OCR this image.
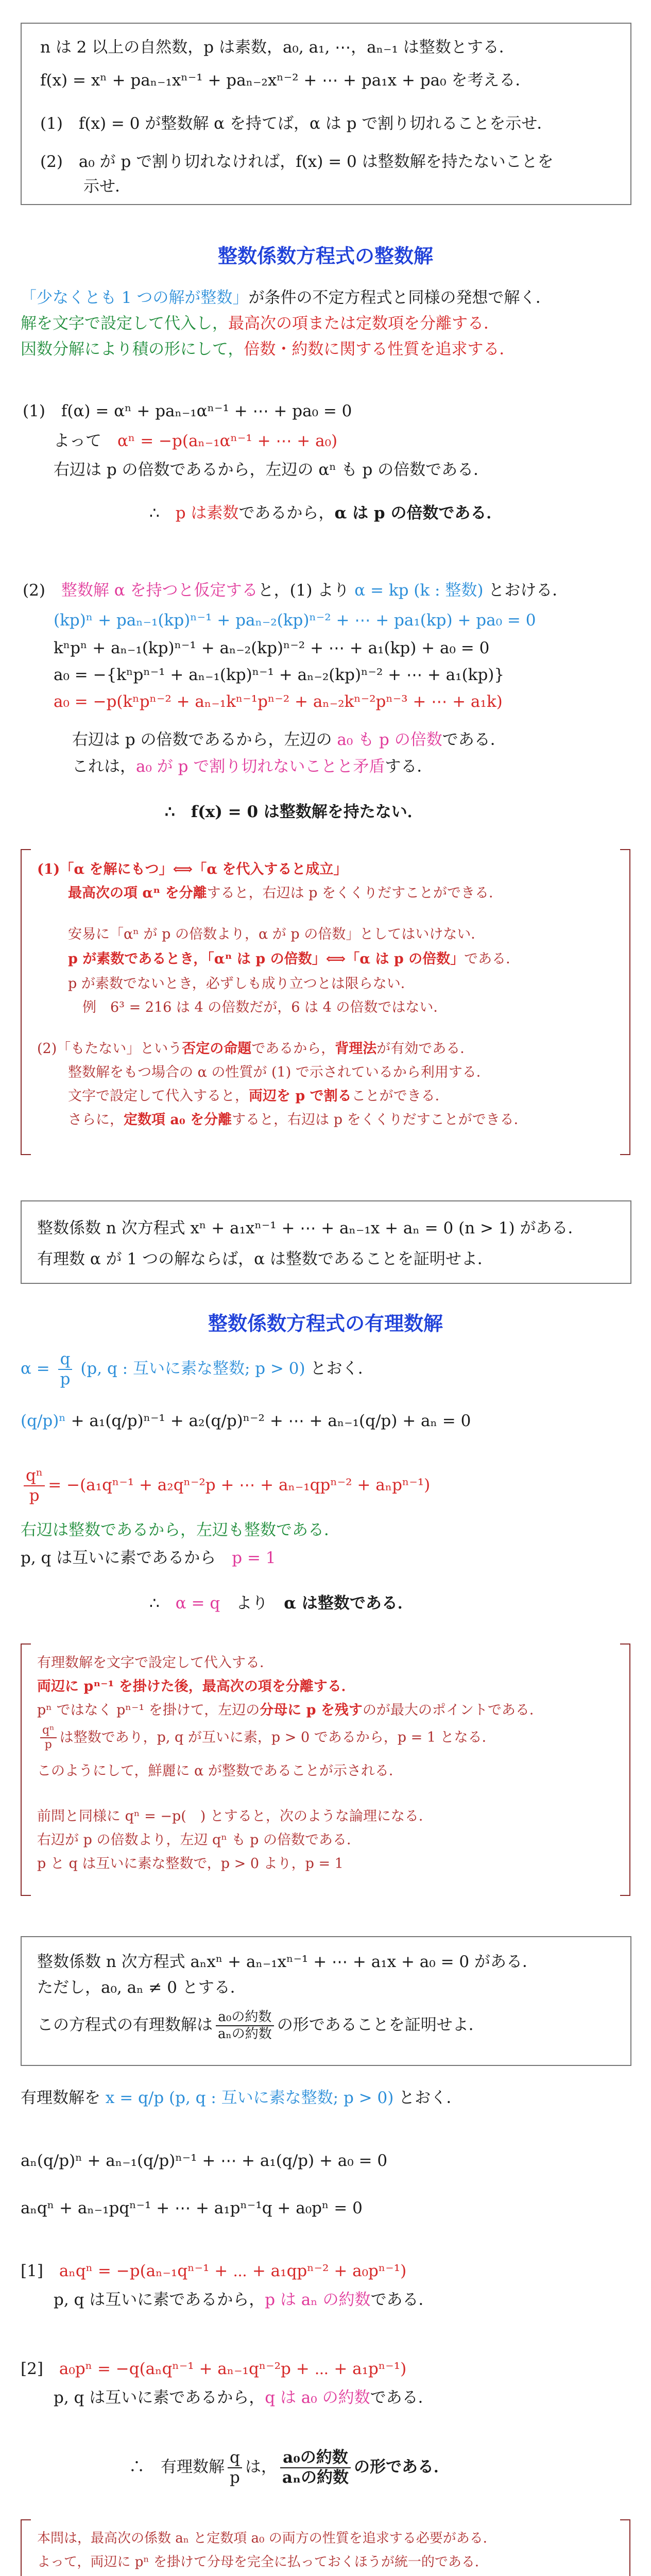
n は 2 以上の自然数，p は素数，a₀, a₁, ⋯，aₙ₋₁ は整数とする．
f(x) = xⁿ + paₙ₋₁xⁿ⁻¹ + paₙ₋₂xⁿ⁻² + ⋯ + pa₁x + pa₀ を考える．
(1)　f(x) = 0 が整数解 α を持てば，α は p で割り切れることを示せ．
(2)　a₀ が p で割り切れなければ，f(x) = 0 は整数解を持たないことを
示せ．
整数係数方程式の整数解
「少なくとも 1 つの解が整数」が条件の不定方程式と同様の発想で解く．
解を文字で設定して代入し，最高次の項または定数項を分離する．
因数分解により積の形にして，倍数・約数に関する性質を追求する．
(1)　f(α) = αⁿ + paₙ₋₁αⁿ⁻¹ + ⋯ + pa₀ = 0
よって　αⁿ = −p(aₙ₋₁αⁿ⁻¹ + ⋯ + a₀)
右辺は p の倍数であるから，左辺の αⁿ も p の倍数である．
∴　p は素数であるから，α は p の倍数である．
(2)　整数解 α を持つと仮定すると，(1) より α = kp (k : 整数) とおける．
(kp)ⁿ + paₙ₋₁(kp)ⁿ⁻¹ + paₙ₋₂(kp)ⁿ⁻² + ⋯ + pa₁(kp) + pa₀ = 0
kⁿpⁿ + aₙ₋₁(kp)ⁿ⁻¹ + aₙ₋₂(kp)ⁿ⁻² + ⋯ + a₁(kp) + a₀ = 0
a₀ = −{kⁿpⁿ⁻¹ + aₙ₋₁(kp)ⁿ⁻¹ + aₙ₋₂(kp)ⁿ⁻² + ⋯ + a₁(kp)}
a₀ = −p(kⁿpⁿ⁻² + aₙ₋₁kⁿ⁻¹pⁿ⁻² + aₙ₋₂kⁿ⁻²pⁿ⁻³ + ⋯ + a₁k)
右辺は p の倍数であるから，左辺の a₀ も p の倍数である．
これは，a₀ が p で割り切れないことと矛盾する．
∴　f(x) = 0 は整数解を持たない．
(1)「α を解にもつ」⟺「α を代入すると成立」
最高次の項 αⁿ を分離すると，右辺は p をくくりだすことができる．
安易に「αⁿ が p の倍数より，α が p の倍数」としてはいけない．
p が素数であるとき，「αⁿ は p の倍数」⟺「α は p の倍数」である．
p が素数でないとき，必ずしも成り立つとは限らない．
例　6³ = 216 は 4 の倍数だが，6 は 4 の倍数ではない．
(2)「もたない」という否定の命題であるから，背理法が有効である．
整数解をもつ場合の α の性質が (1) で示されているから利用する．
文字で設定して代入すると，両辺を p で割ることができる．
さらに，定数項 a₀ を分離すると，右辺は p をくくりだすことができる．
整数係数 n 次方程式 xⁿ + a₁xⁿ⁻¹ + ⋯ + aₙ₋₁x + aₙ = 0 (n > 1) がある．
有理数 α が 1 つの解ならば，α は整数であることを証明せよ．
整数係数方程式の有理数解
$\alpha = \frac{q}{p} (p$, q : 互いに素な整数; p > 0) とおく．
(q/p)ⁿ + a₁(q/p)ⁿ⁻¹ + a₂(q/p)ⁿ⁻² + ⋯ + aₙ₋₁(q/p) + aₙ = 0
$\frac{\text{qⁿ}}{p} = -(a_1q^{n-1} + a_2q^{n-2}p$ + ⋯ + aₙ₋₁qpⁿ⁻² + aₙpⁿ⁻¹)
右辺は整数であるから，左辺も整数である．
p, q は互いに素であるから　p = 1
∴　α = q　より　α は整数である．
有理数解を文字で設定して代入する．
両辺に pⁿ⁻¹ を掛けた後，最高次の項を分離する．
pⁿ ではなく pⁿ⁻¹ を掛けて，左辺の分母に p を残すのが最大のポイントである．
$\frac{\text{qⁿ}}{p}$ は整数であり，p, q が互いに素，p > 0 であるから，p = 1 となる．
このようにして，鮮麗に α が整数であることが示される．
前問と同様に qⁿ = −p(　) とすると，次のような論理になる．
右辺が p の倍数より，左辺 qⁿ も p の倍数である．
p と q は互いに素な整数で，p > 0 より，p = 1
整数係数 n 次方程式 aₙxⁿ + aₙ₋₁xⁿ⁻¹ + ⋯ + a₁x + a₀ = 0 がある．
ただし，a₀, aₙ ≠ 0 とする．
この方程式の有理数解は a₀の約数
aₙの約数 の形であることを証明せよ．
有理数解を x = q/p (p, q : 互いに素な整数; p > 0) とおく．
aₙ(q/p)ⁿ + aₙ₋₁(q/p)ⁿ⁻¹ + ⋯ + a₁(q/p) + a₀ = 0
aₙqⁿ + aₙ₋₁pqⁿ⁻¹ + ⋯ + a₁pⁿ⁻¹q + a₀pⁿ = 0
[1]　aₙqⁿ = −p(aₙ₋₁qⁿ⁻¹ + ⋯ + a₁qpⁿ⁻² + a₀pⁿ⁻¹)
p, q は互いに素であるから，p は aₙ の約数である．
[2]　a₀pⁿ = −q(aₙqⁿ⁻¹ + aₙ₋₁qⁿ⁻²p + ⋯ + a₁pⁿ⁻¹)
p, q は互いに素であるから，q は a₀ の約数である．
∴　有理数解 $\frac{q}{p}$ は，
a₀の約数
aₙの約数
の形である．
本問は，最高次の係数 aₙ と定数項 a₀ の両方の性質を追求する必要がある．
よって，両辺に pⁿ を掛けて分母を完全に払っておくほうが統一的である．
